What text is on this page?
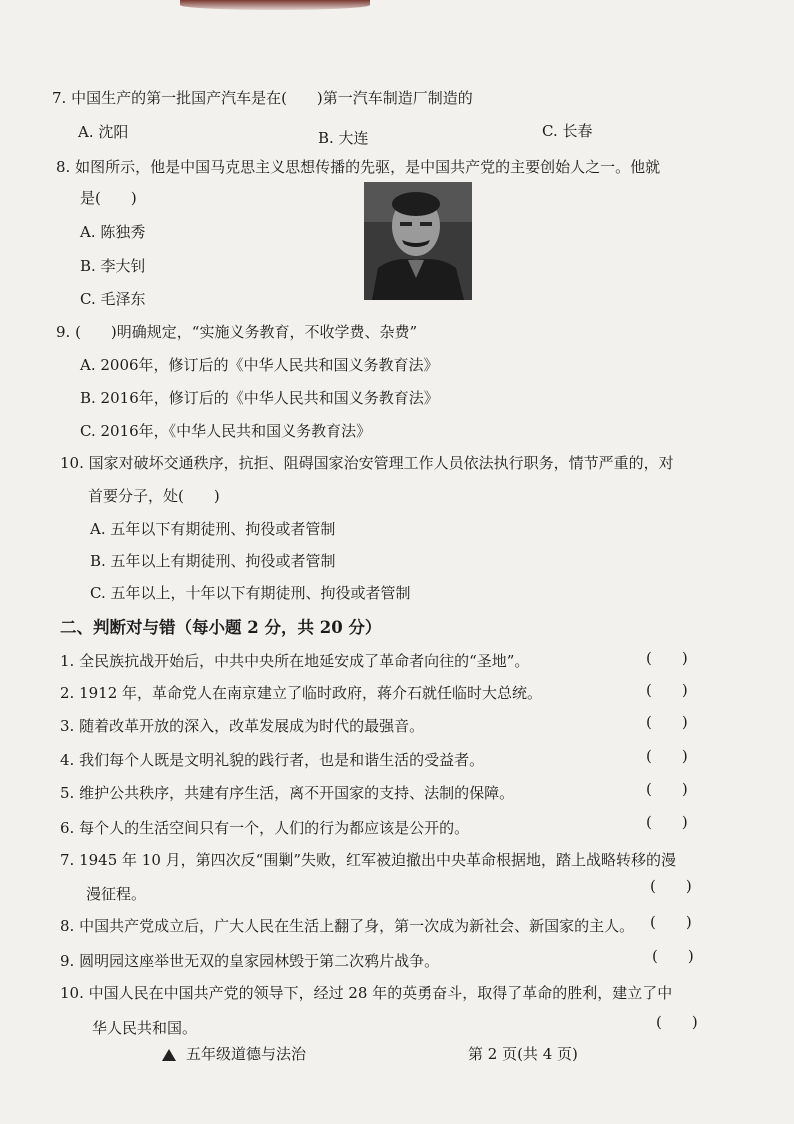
7. 中国生产的第一批国产汽车是在(　　)第一汽车制造厂制造的
A. 沈阳	B. 大连	C. 长春
8. 如图所示，他是中国马克思主义思想传播的先驱，是中国共产党的主要创始人之一。他就
是(　　)
A. 陈独秀
B. 李大钊
C. 毛泽东
9. (　　)明确规定，“实施义务教育，不收学费、杂费”
A. 2006年，修订后的《中华人民共和国义务教育法》
B. 2016年，修订后的《中华人民共和国义务教育法》
C. 2016年，《中华人民共和国义务教育法》
10. 国家对破坏交通秩序，抗拒、阻碍国家治安管理工作人员依法执行职务，情节严重的，对
首要分子，处(　　)
A. 五年以下有期徒刑、拘役或者管制
B. 五年以上有期徒刑、拘役或者管制
C. 五年以上，十年以下有期徒刑、拘役或者管制
二、判断对与错（每小题 2 分，共 20 分）
1. 全民族抗战开始后，中共中央所在地延安成了革命者向往的“圣地”。	(　　)
2. 1912 年，革命党人在南京建立了临时政府，蒋介石就任临时大总统。	(　　)
3. 随着改革开放的深入，改革发展成为时代的最强音。	(　　)
4. 我们每个人既是文明礼貌的践行者，也是和谐生活的受益者。	(　　)
5. 维护公共秩序，共建有序生活，离不开国家的支持、法制的保障。	(　　)
6. 每个人的生活空间只有一个，人们的行为都应该是公开的。	(　　)
7. 1945 年 10 月，第四次反“围剿”失败，红军被迫撤出中央革命根据地，踏上战略转移的漫
漫征程。	(　　)
8. 中国共产党成立后，广大人民在生活上翻了身，第一次成为新社会、新国家的主人。 (　　)
9. 圆明园这座举世无双的皇家园林毁于第二次鸦片战争。	(　　)
10. 中国人民在中国共产党的领导下，经过 28 年的英勇奋斗，取得了革命的胜利，建立了中
华人民共和国。	(　　)
五年级道德与法治	第 2 页(共 4 页)
